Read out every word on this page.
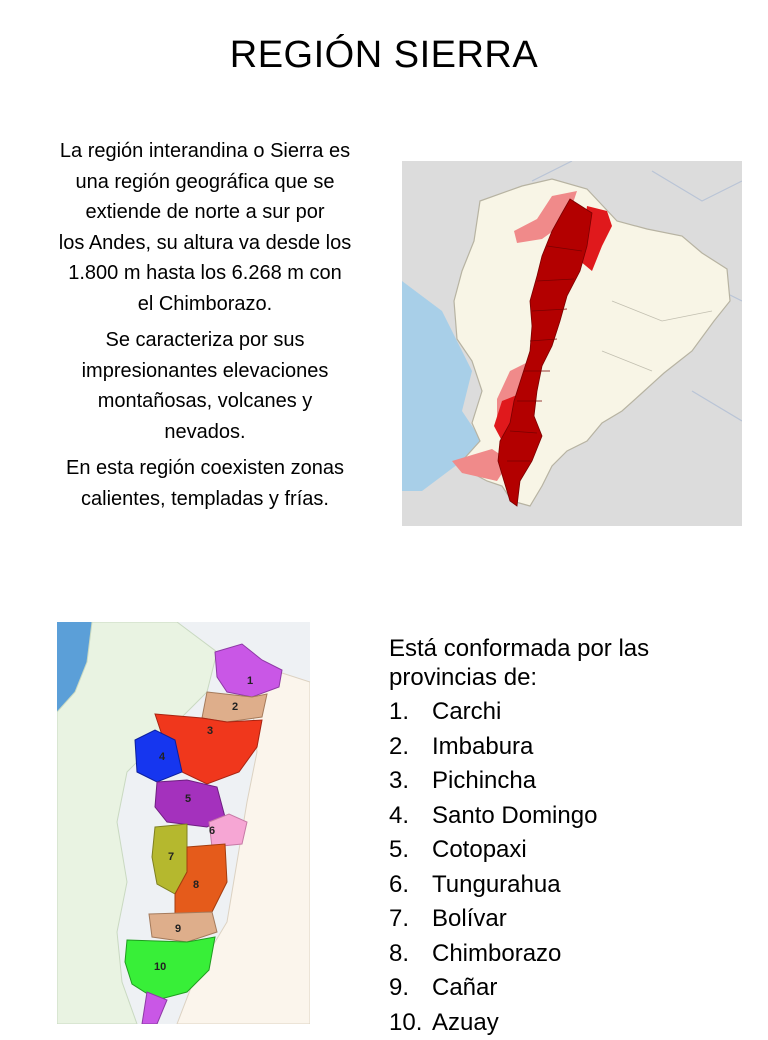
REGIÓN SIERRA

La región interandina o Sierra es
una región geográfica que se
extiende de norte a sur por
los Andes, su altura va desde los
1.800 m hasta los 6.268 m con
el Chimborazo.

Se caracteriza por sus
impresionantes elevaciones
montañosas, volcanes y
nevados.

En esta región coexisten zonas
calientes, templadas y frías.

1
2
3
4
5
6
7
8
9
10
Está conformada por las
provincias de:
1. Carchi
2. Imbabura
3. Pichincha
4. Santo Domingo
5. Cotopaxi
6. Tungurahua
7. Bolívar
8. Chimborazo
9. Cañar
10. Azuay
